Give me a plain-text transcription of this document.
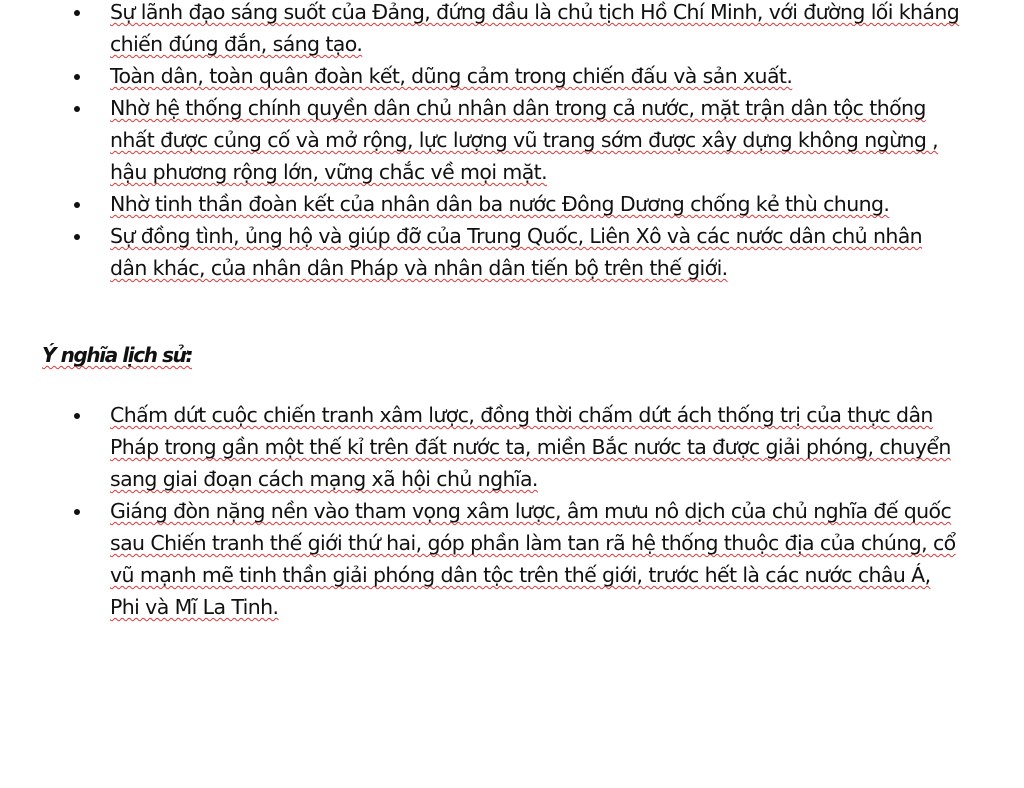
Sự lãnh đạo sáng suốt của Đảng, đứng đầu là chủ tịch Hồ Chí Minh, với đường lối kháng chiến đúng đắn, sáng tạo.
Toàn dân, toàn quân đoàn kết, dũng cảm trong chiến đấu và sản xuất.
Nhờ hệ thống chính quyền dân chủ nhân dân trong cả nước, mặt trận dân tộc thống nhất được củng cố và mở rộng, lực lượng vũ trang sớm được xây dựng không ngừng , hậu phương rộng lớn, vững chắc về mọi mặt.
Nhờ tinh thần đoàn kết của nhân dân ba nước Đông Dương chống kẻ thù chung.
Sự đồng tình, ủng hộ và giúp đỡ của Trung Quốc, Liên Xô và các nước dân chủ nhân dân khác, của nhân dân Pháp và nhân dân tiến bộ trên thế giới.
Ý nghĩa lịch sử:
Chấm dứt cuộc chiến tranh xâm lược, đồng thời chấm dứt ách thống trị của thực dân Pháp trong gần một thế kỉ trên đất nước ta, miền Bắc nước ta được giải phóng, chuyển sang giai đoạn cách mạng xã hội chủ nghĩa.
Giáng đòn nặng nền vào tham vọng xâm lược, âm mưu nô dịch của chủ nghĩa đế quốc sau Chiến tranh thế giới thứ hai, góp phần làm tan rã hệ thống thuộc địa của chúng, cổ vũ mạnh mẽ tinh thần giải phóng dân tộc trên thế giới, trước hết là các nước châu Á, Phi và Mĩ La Tinh.
